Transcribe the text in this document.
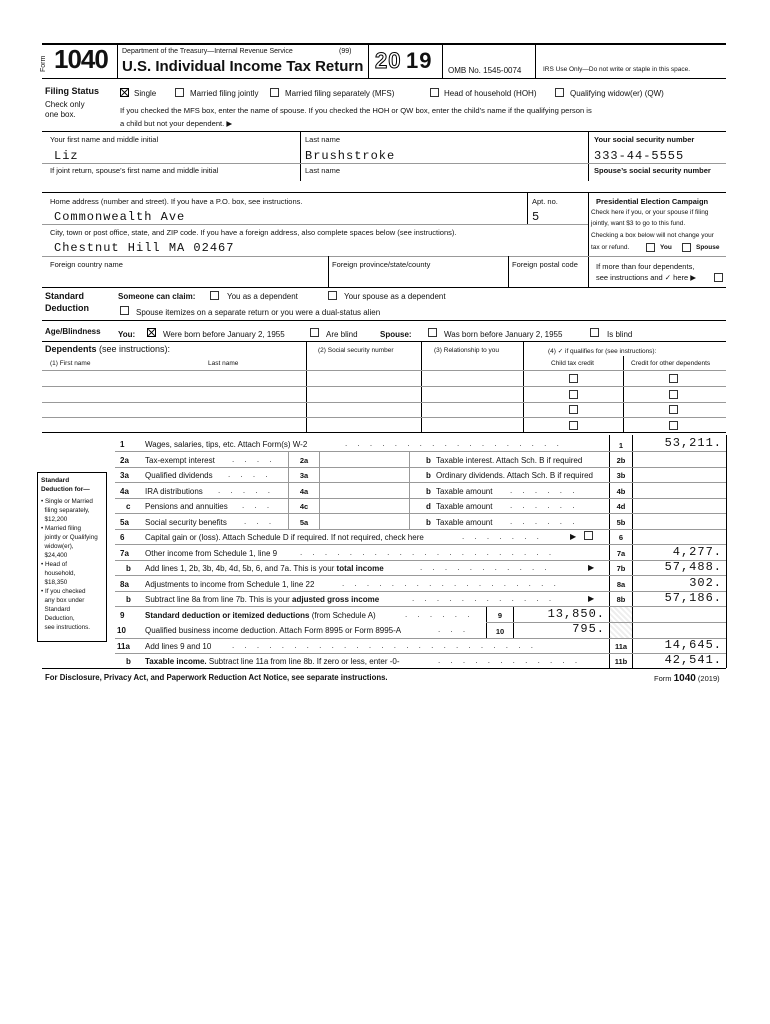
Form 1040 Department of the Treasury—Internal Revenue Service	(99)
U.S. Individual Income Tax Return 20 19 OMB No. 1545-0074	IRS Use Only—Do not write or staple in this space.
Filing Status
Check only
one box.
Single	Married filing jointly	Married filing separately (MFS)	Head of household (HOH)	Qualifying widow(er) (QW)
If you checked the MFS box, enter the name of spouse. If you checked the HOH or QW box, enter the child’s name if the qualifying person is
a child but not your dependent. ▶
Your first name and middle initial
Liz
Last name
Brushstroke
Your social security number
333-44-5555
If joint return, spouse’s first name and middle initial	Last name	Spouse’s social security number
Home address (number and street). If you have a P.O. box, see instructions.
Commonwealth Ave
Apt. no.
5
City, town or post office, state, and ZIP code. If you have a foreign address, also complete spaces below (see instructions).
Chestnut Hill MA 02467
Foreign country name	Foreign province/state/county	Foreign postal code
Presidential Election Campaign
Check here if you, or your spouse if filing
jointly, want $3 to go to this fund.
Checking a box below will not change your
tax or refund.	You	Spouse
If more than four dependents,
see instructions and ✓ here ▶
Standard
Deduction
Someone can claim:	You as a dependent	Your spouse as a dependent
Spouse itemizes on a separate return or you were a dual-status alien
Age/Blindness You:	Were born before January 2, 1955	Are blind	Spouse:	Was born before January 2, 1955	Is blind
Dependents (see instructions):
(1) First name	Last name
(2) Social security number	(3) Relationship to you	(4) ✓ if qualifies for (see instructions):
Child tax credit	Credit for other dependents
Standard
Deduction for—
• Single or Married
filing separately,
$12,200
• Married filing
jointly or Qualifying
widow(er),
$24,400
• Head of
household,
$18,350
• If you checked
any box under
Standard
Deduction,
see instructions.
1	Wages, salaries, tips, etc. Attach Form(s) W-2	. . . . . . . . . . . . . . . . . .	1	53,211.
2a Tax-exempt interest . . . .	2a	b Taxable interest. Attach Sch. B if required	2b
3a Qualified dividends . . . .	3a	b Ordinary dividends. Attach Sch. B if required	3b
4a IRA distributions . . . . .	4a	b Taxable amount . . . . . .	4b
c Pensions and annuities . . .	4c	d Taxable amount . . . . . .	4d
5a Social security benefits . . .	5a	b Taxable amount . . . . . .	5b
6	Capital gain or (loss). Attach Schedule D if required. If not required, check here	. . . . . . .	▶	6
7a Other income from Schedule 1, line 9	. . . . . . . . . . . . . . . . . . . . .	7a	4,277.
b Add lines 1, 2b, 3b, 4b, 4d, 5b, 6, and 7a. This is your total income	. . . . . . . . . . .	▶	7b	57,488.
8a Adjustments to income from Schedule 1, line 22	. . . . . . . . . . . . . . . . . .	8a	302.
b Subtract line 8a from line 7b. This is your adjusted gross income	. . . . . . . . . . . .	▶	8b	57,186.
9	Standard deduction or itemized deductions (from Schedule A)	. . . . . .	9	13,850.
10 Qualified business income deduction. Attach Form 8995 or Form 8995-A	. . .	10	795.
11a Add lines 9 and 10	. . . . . . . . . . . . . . . . . . . . . . . . .	11a	14,645.
b Taxable income. Subtract line 11a from line 8b. If zero or less, enter -0-	. . . . . . . . . . . .	11b	42,541.
For Disclosure, Privacy Act, and Paperwork Reduction Act Notice, see separate instructions.	Form 1040 (2019)
